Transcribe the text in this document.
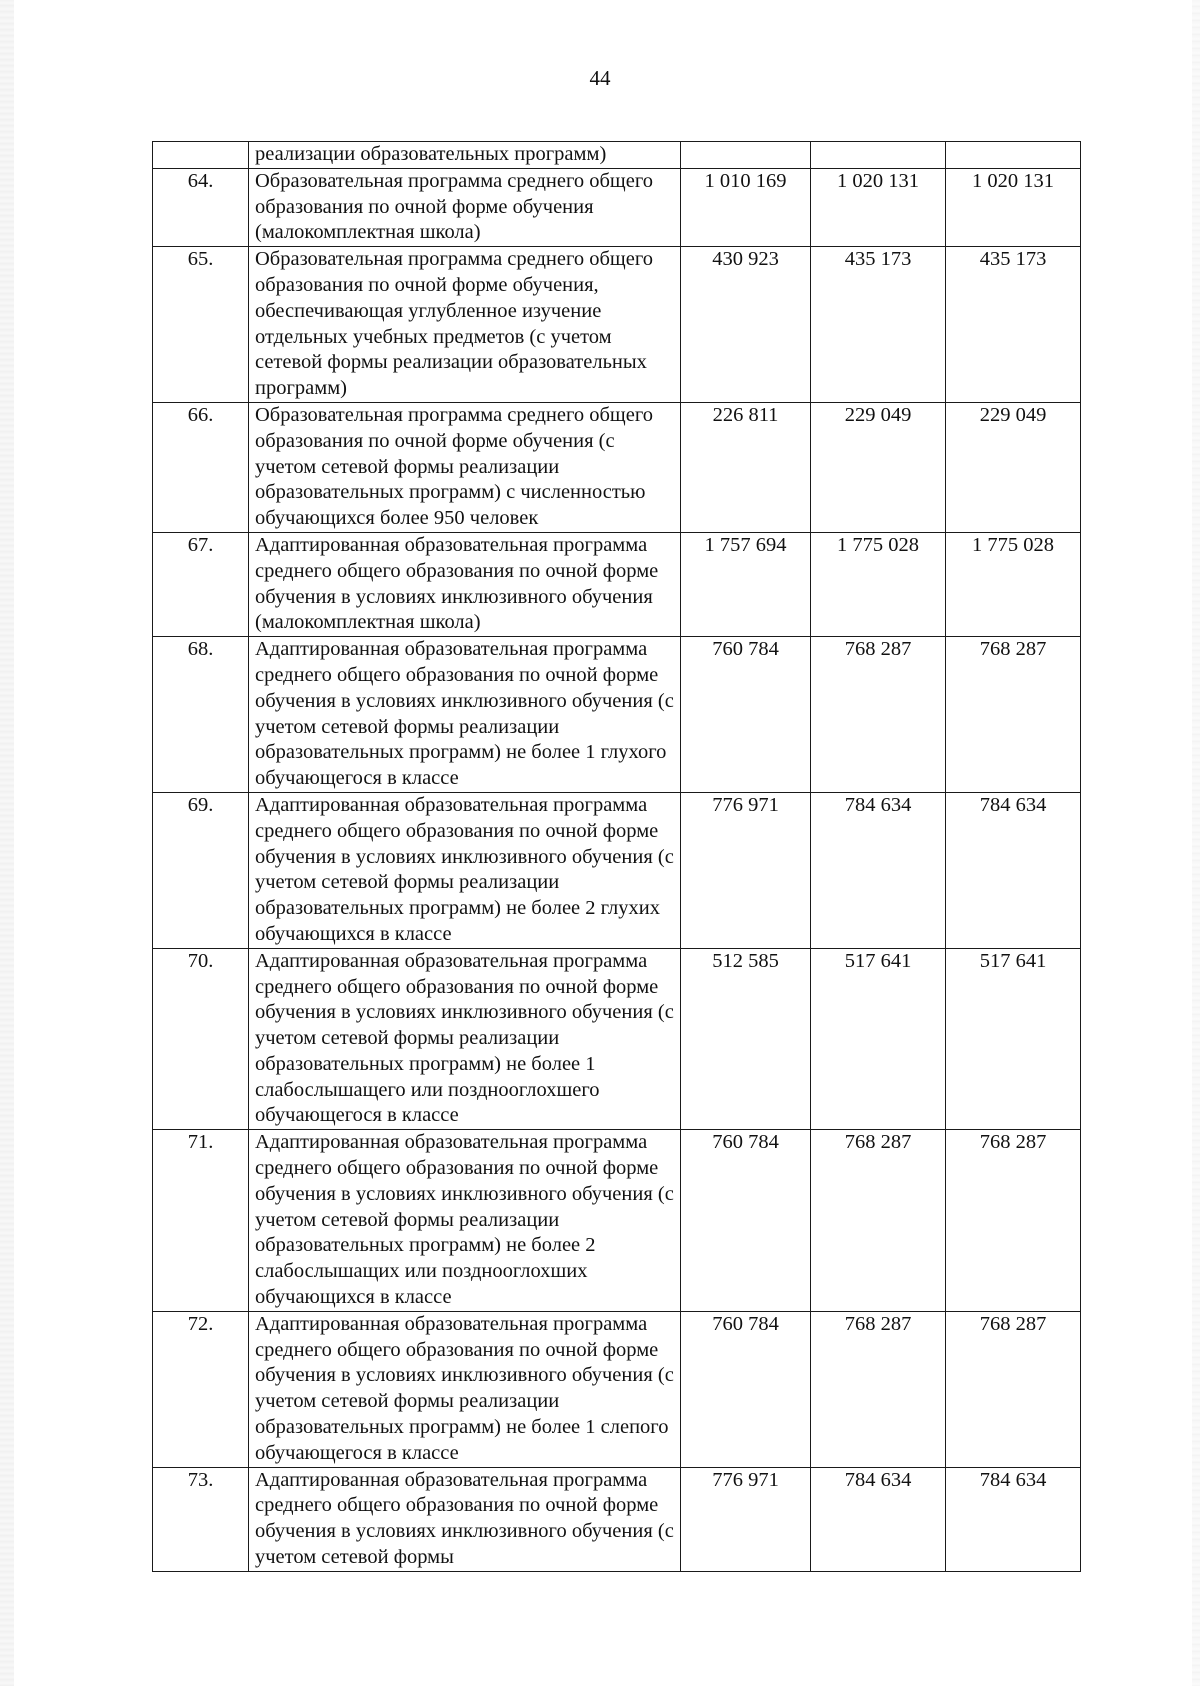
44
	реализации образовательных программ)			
64.	Образовательная программа среднего общего образования по очной форме обучения (малокомплектная школа)	1 010 169	1 020 131	1 020 131
65.	Образовательная программа среднего общего образования по очной форме обучения, обеспечивающая углубленное изучение отдельных учебных предметов (с учетом сетевой формы реализации образовательных программ)	430 923	435 173	435 173
66.	Образовательная программа среднего общего образования по очной форме обучения (с учетом сетевой формы реализации образовательных программ) с численностью обучающихся более 950 человек	226 811	229 049	229 049
67.	Адаптированная образовательная программа среднего общего образования по очной форме обучения в условиях инклюзивного обучения (малокомплектная школа)	1 757 694	1 775 028	1 775 028
68.	Адаптированная образовательная программа среднего общего образования по очной форме обучения в условиях инклюзивного обучения (с учетом сетевой формы реализации образовательных программ) не более 1 глухого обучающегося в классе	760 784	768 287	768 287
69.	Адаптированная образовательная программа среднего общего образования по очной форме обучения в условиях инклюзивного обучения (с учетом сетевой формы реализации образовательных программ) не более 2 глухих обучающихся в классе	776 971	784 634	784 634
70.	Адаптированная образовательная программа среднего общего образования по очной форме обучения в условиях инклюзивного обучения (с учетом сетевой формы реализации образовательных программ) не более 1 слабослышащего или позднооглохшего обучающегося в классе	512 585	517 641	517 641
71.	Адаптированная образовательная программа среднего общего образования по очной форме обучения в условиях инклюзивного обучения (с учетом сетевой формы реализации образовательных программ) не более 2 слабослышащих или позднооглохших обучающихся в классе	760 784	768 287	768 287
72.	Адаптированная образовательная программа среднего общего образования по очной форме обучения в условиях инклюзивного обучения (с учетом сетевой формы реализации образовательных программ) не более 1 слепого обучающегося в классе	760 784	768 287	768 287
73.	Адаптированная образовательная программа среднего общего образования по очной форме обучения в условиях инклюзивного обучения (с учетом сетевой формы	776 971	784 634	784 634
